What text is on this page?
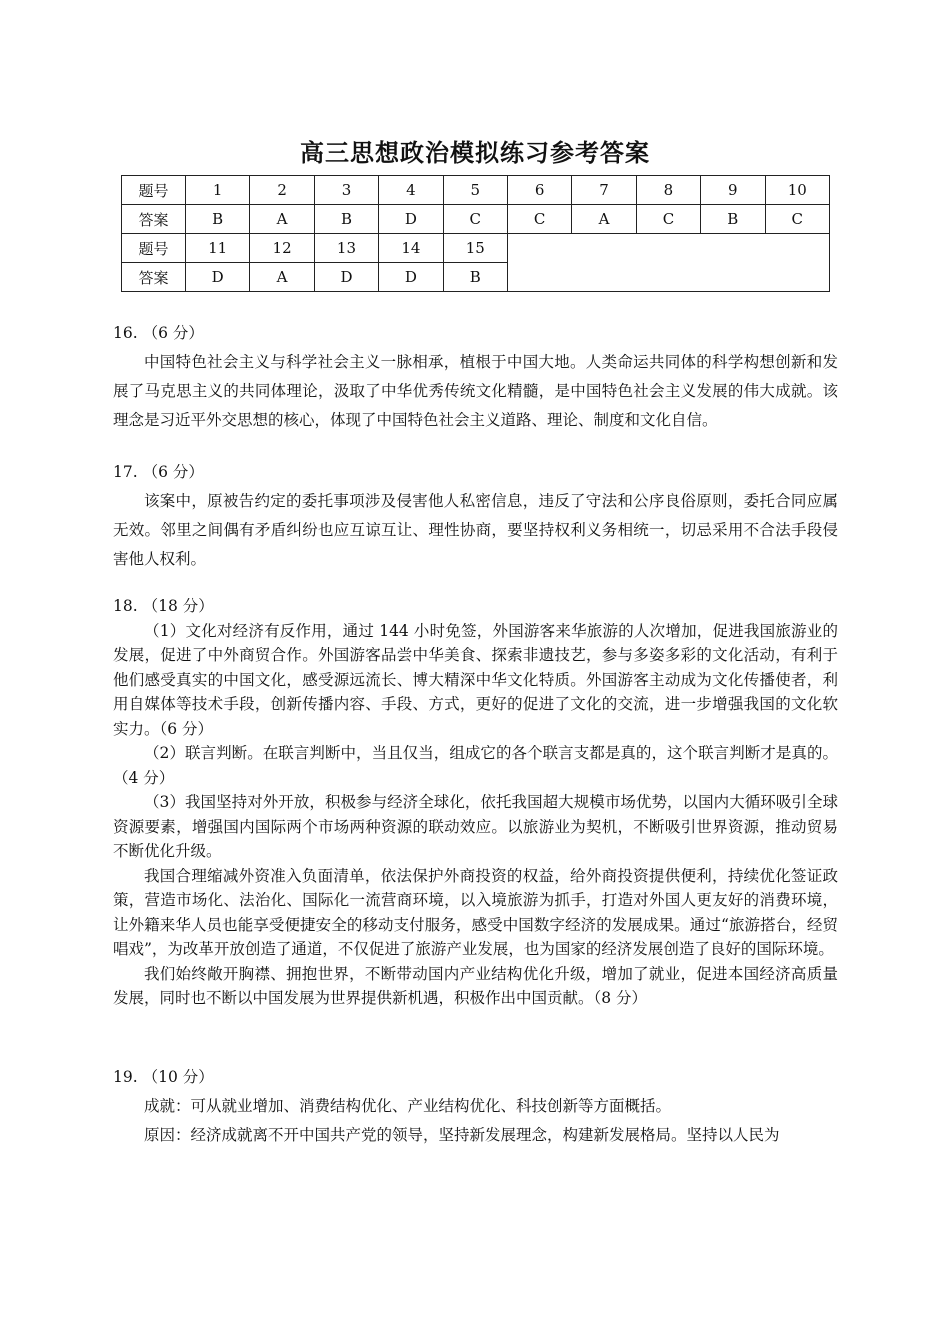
高三思想政治模拟练习参考答案
题号	1	2	3	4	5	6	7	8	9	10
答案	B	A	B	D	C	C	A	C	B	C
题号	11	12	13	14	15					
答案	D	A	D	D	B					

16. （6 分）

中国特色社会主义与科学社会主义一脉相承，植根于中国大地。人类命运共同体的科学构想创新和发展了马克思主义的共同体理论，汲取了中华优秀传统文化精髓，是中国特色社会主义发展的伟大成就。该理念是习近平外交思想的核心，体现了中国特色社会主义道路、理论、制度和文化自信。

17. （6 分）

该案中，原被告约定的委托事项涉及侵害他人私密信息，违反了守法和公序良俗原则，委托合同应属无效。邻里之间偶有矛盾纠纷也应互谅互让、理性协商，要坚持权利义务相统一，切忌采用不合法手段侵害他人权利。

18. （18 分）

（1）文化对经济有反作用，通过 144 小时免签，外国游客来华旅游的人次增加，促进我国旅游业的发展，促进了中外商贸合作。外国游客品尝中华美食、探索非遗技艺，参与多姿多彩的文化活动，有利于他们感受真实的中国文化，感受源远流长、博大精深中华文化特质。外国游客主动成为文化传播使者，利用自媒体等技术手段，创新传播内容、手段、方式，更好的促进了文化的交流，进一步增强我国的文化软实力。（6 分）

（2）联言判断。在联言判断中，当且仅当，组成它的各个联言支都是真的，这个联言判断才是真的。（4 分）

（3）我国坚持对外开放，积极参与经济全球化，依托我国超大规模市场优势，以国内大循环吸引全球资源要素，增强国内国际两个市场两种资源的联动效应。以旅游业为契机，不断吸引世界资源，推动贸易不断优化升级。

我国合理缩减外资准入负面清单，依法保护外商投资的权益，给外商投资提供便利，持续优化签证政策，营造市场化、法治化、国际化一流营商环境，以入境旅游为抓手，打造对外国人更友好的消费环境，让外籍来华人员也能享受便捷安全的移动支付服务，感受中国数字经济的发展成果。通过“旅游搭台，经贸唱戏”，为改革开放创造了通道，不仅促进了旅游产业发展，也为国家的经济发展创造了良好的国际环境。

我们始终敞开胸襟、拥抱世界，不断带动国内产业结构优化升级，增加了就业，促进本国经济高质量发展，同时也不断以中国发展为世界提供新机遇，积极作出中国贡献。（8 分）

19. （10 分）

成就：可从就业增加、消费结构优化、产业结构优化、科技创新等方面概括。

原因：经济成就离不开中国共产党的领导，坚持新发展理念，构建新发展格局。坚持以人民为
